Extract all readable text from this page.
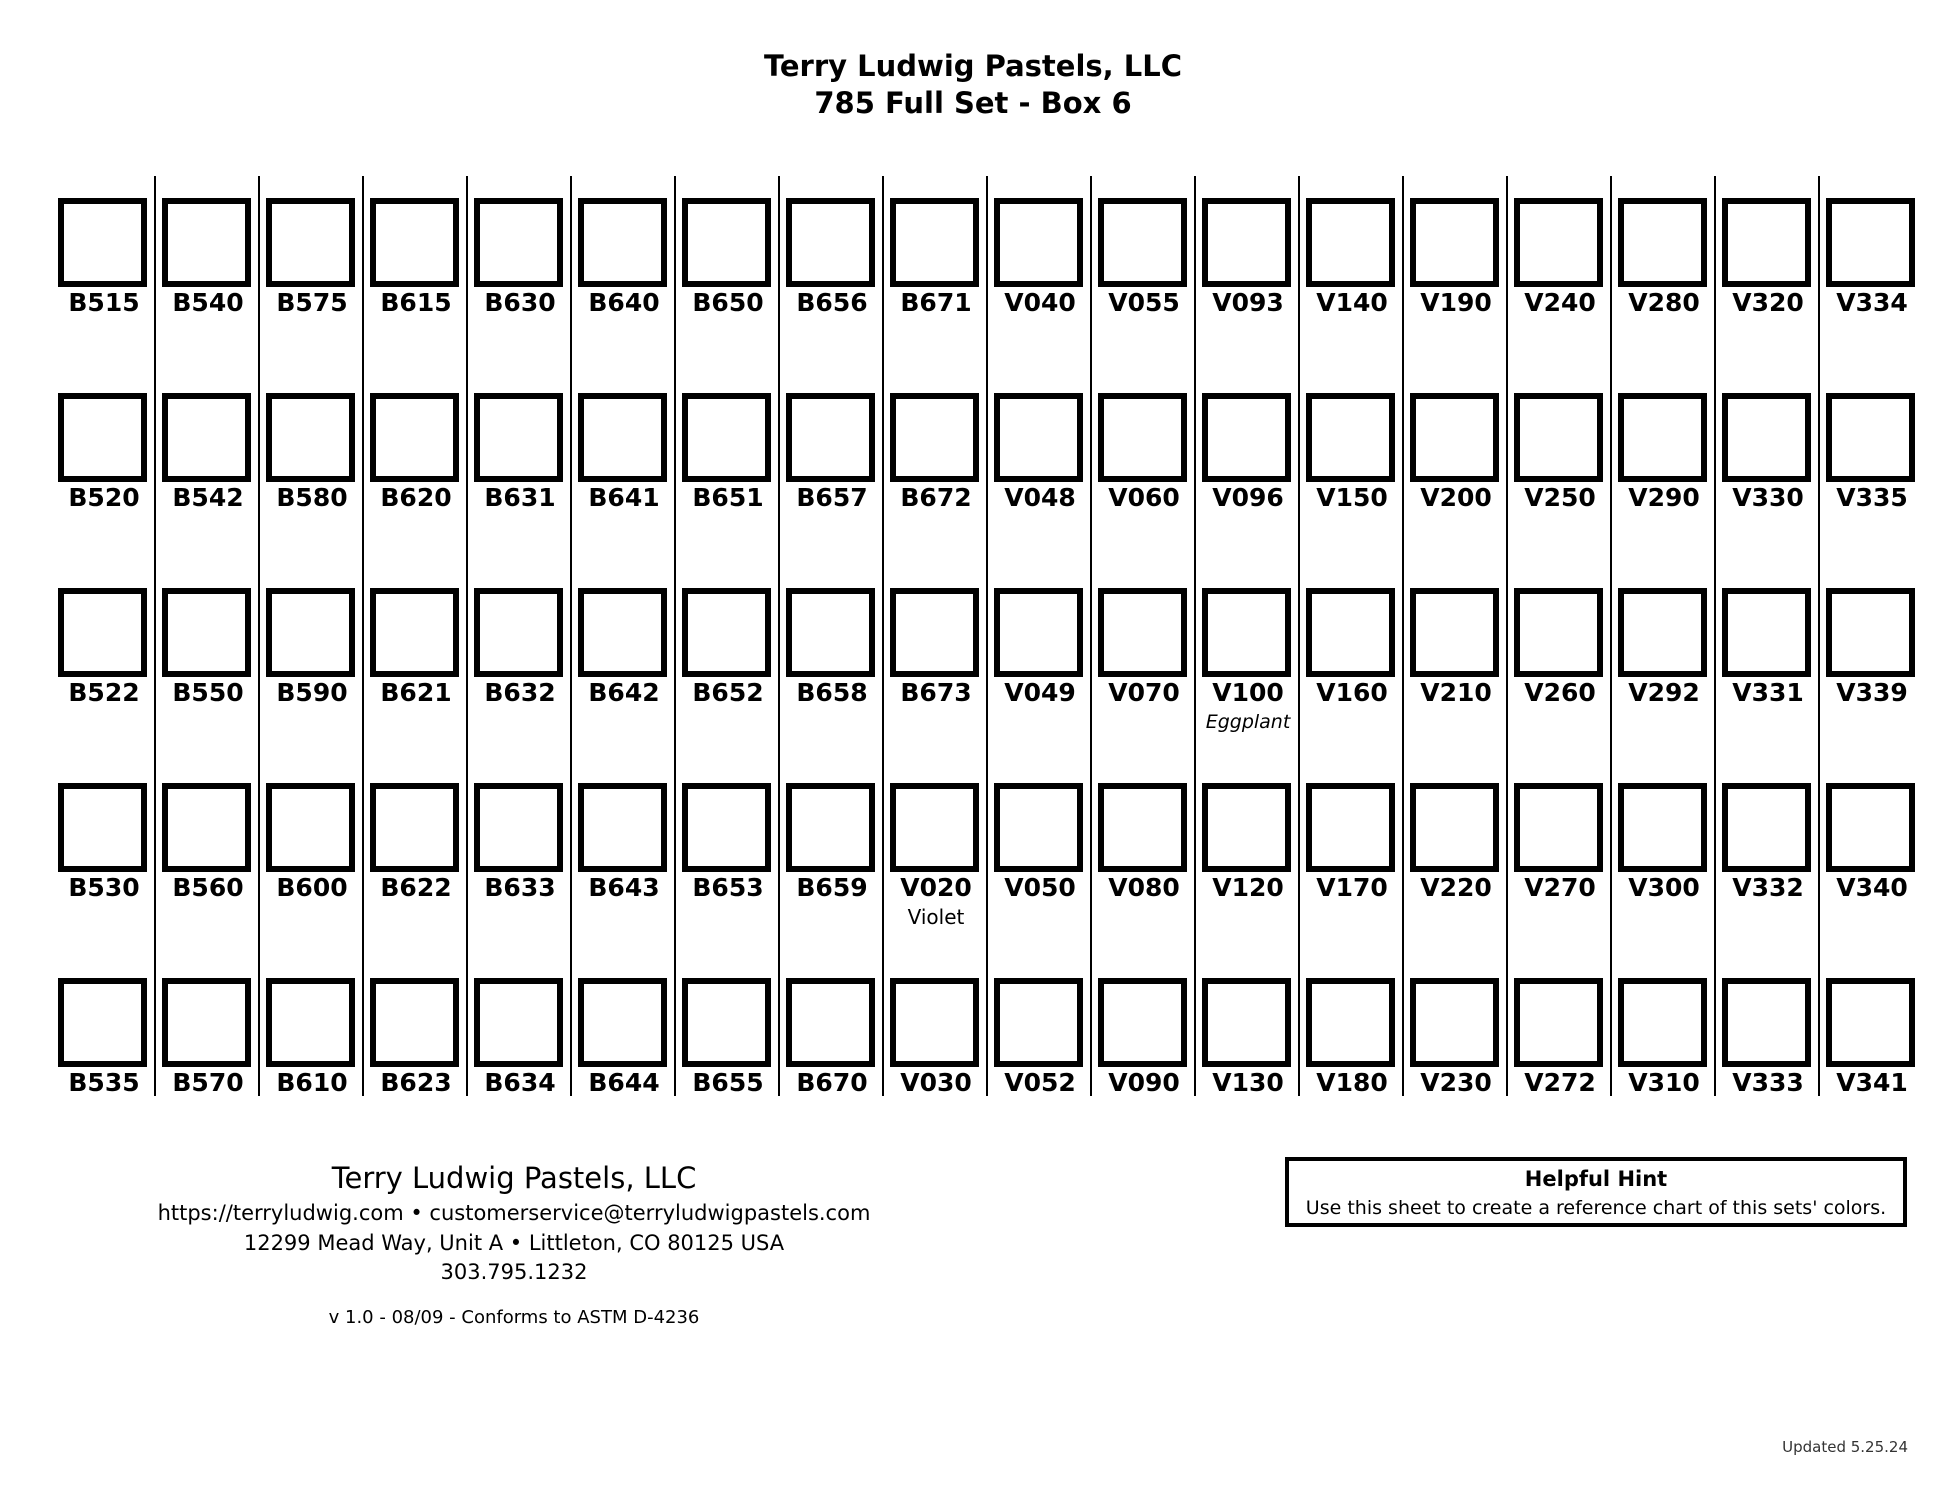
Terry Ludwig Pastels, LLC
785 Full Set - Box 6
B515
B520
B522
B530
B535
B540
B542
B550
B560
B570
B575
B580
B590
B600
B610
B615
B620
B621
B622
B623
B630
B631
B632
B633
B634
B640
B641
B642
B643
B644
B650
B651
B652
B653
B655
B656
B657
B658
B659
B670
B671
B672
B673
V020
Violet
V030
V040
V048
V049
V050
V052
V055
V060
V070
V080
V090
V093
V096
V100
Eggplant
V120
V130
V140
V150
V160
V170
V180
V190
V200
V210
V220
V230
V240
V250
V260
V270
V272
V280
V290
V292
V300
V310
V320
V330
V331
V332
V333
V334
V335
V339
V340
V341
Terry Ludwig Pastels, LLC
https://terryludwig.com • customerservice@terryludwigpastels.com
12299 Mead Way, Unit A • Littleton, CO 80125 USA
303.795.1232
v 1.0 - 08/09 - Conforms to ASTM D-4236
Helpful Hint
Use this sheet to create a reference chart of this sets' colors.
Updated 5.25.24
